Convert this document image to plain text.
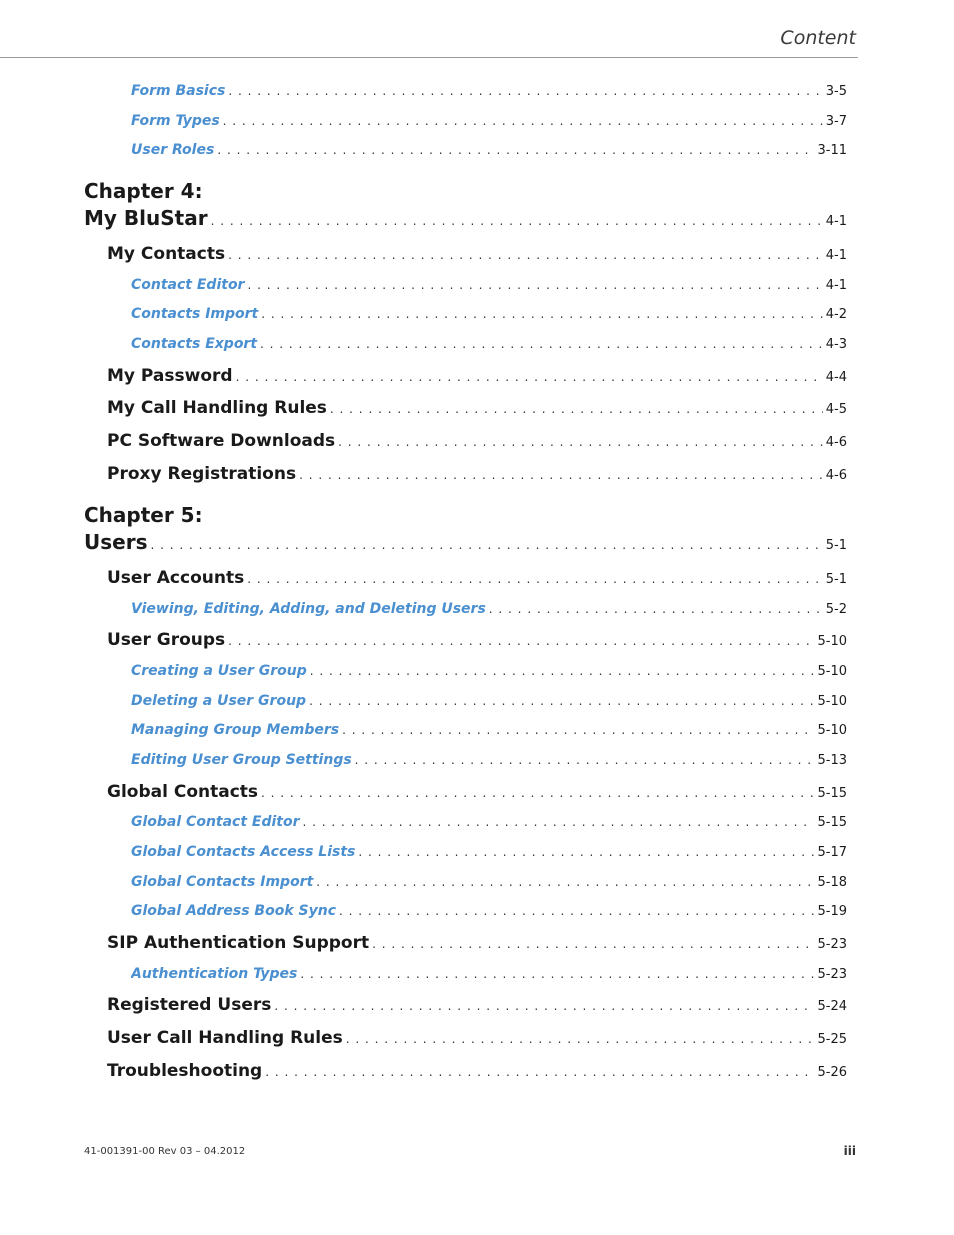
Content
Form Basics . . .	3-5
Form Types . . .	3-7
User Roles . . .	3-11
Chapter 4:
My BluStar . . .	4-1
My Contacts . . .	4-1
Contact Editor . . .	4-1
Contacts Import . . .	4-2
Contacts Export . . .	4-3
My Password . . .	4-4
My Call Handling Rules . . .	4-5
PC Software Downloads . . .	4-6
Proxy Registrations . . .	4-6
Chapter 5:
Users . . .	5-1
User Accounts . . .	5-1
Viewing, Editing, Adding, and Deleting Users . . .	5-2
User Groups . . .	5-10
Creating a User Group . . .	5-10
Deleting a User Group . . .	5-10
Managing Group Members . . .	5-10
Editing User Group Settings . . .	5-13
Global Contacts . . .	5-15
Global Contact Editor . . .	5-15
Global Contacts Access Lists . . .	5-17
Global Contacts Import . . .	5-18
Global Address Book Sync . . .	5-19
SIP Authentication Support . . .	5-23
Authentication Types . . .	5-23
Registered Users . . .	5-24
User Call Handling Rules . . .	5-25
Troubleshooting . . .	5-26
41-001391-00 Rev 03 – 04.2012	iii
